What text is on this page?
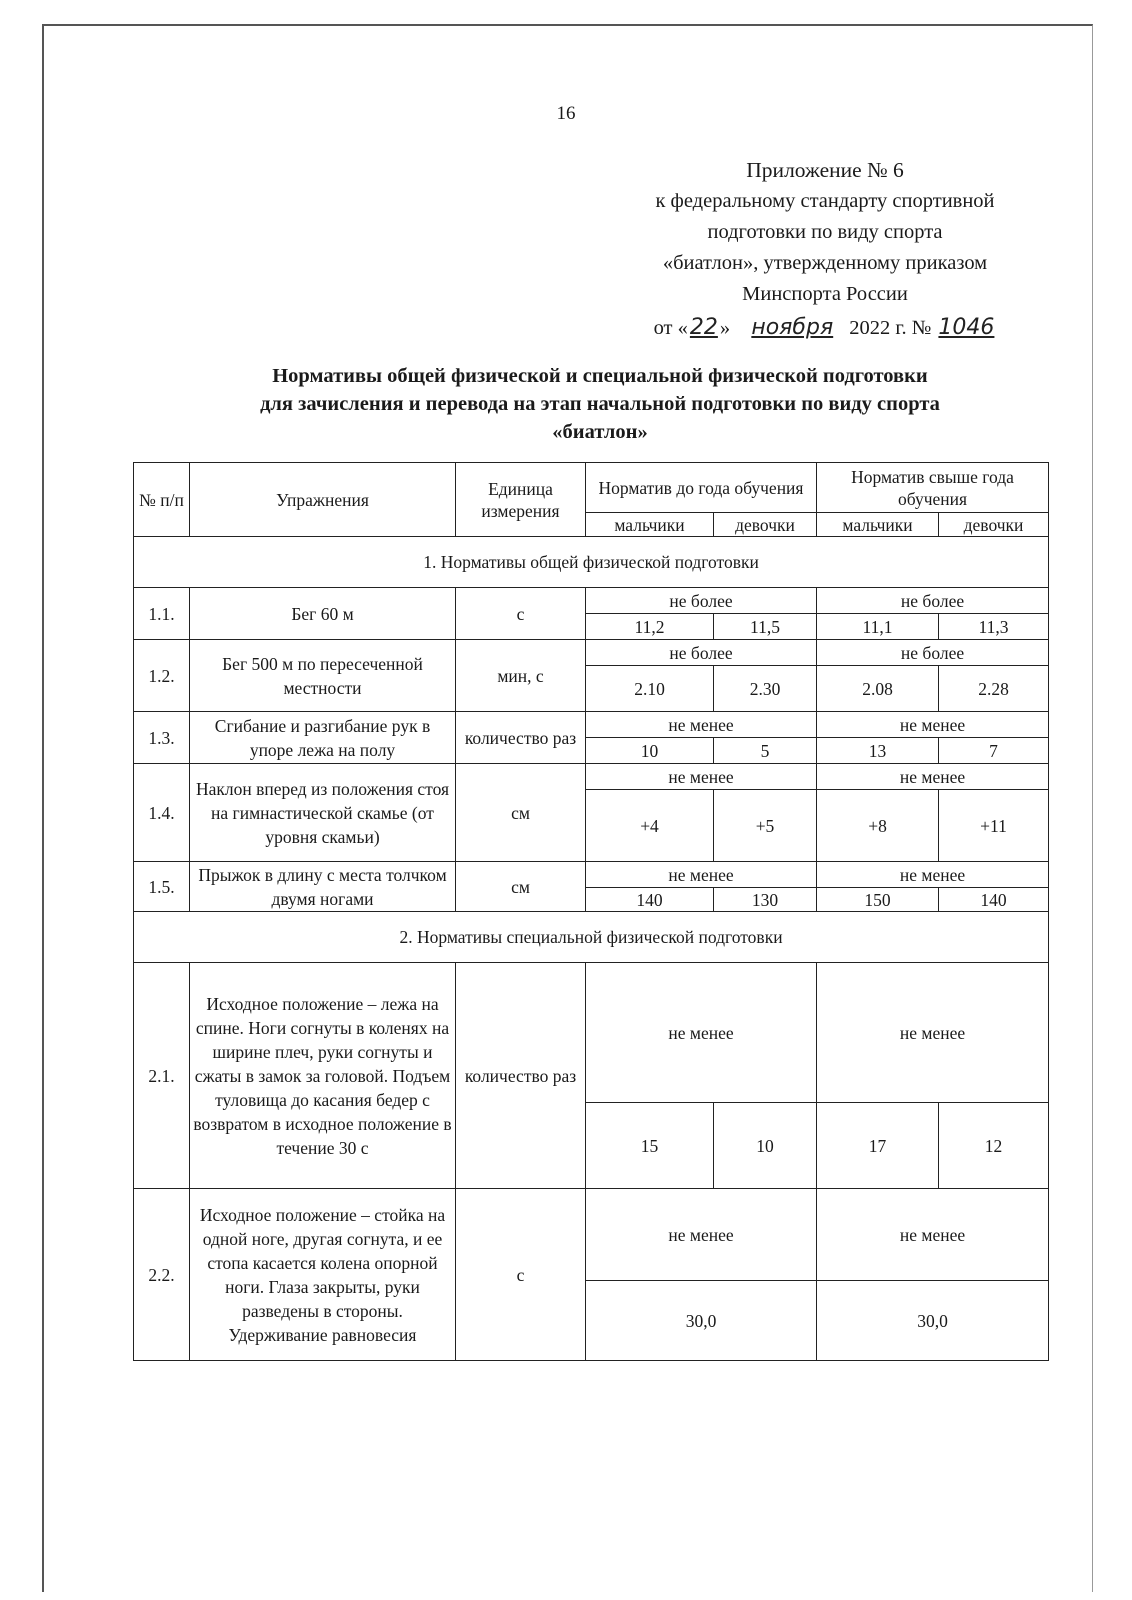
16
Приложение № 6
к федеральному стандарту спортивной
подготовки по виду спорта
«биатлон», утвержденному приказом
Минспорта России
от «22» ноября 2022 г. № 1046
Нормативы общей физической и специальной физической подготовки
для зачисления и перевода на этап начальной подготовки по виду спорта
«биатлон»
№ п/п	Упражнения	Единица измерения	Норматив до года обучения		Норматив свыше года обучения	
			мальчики	девочки	мальчики	девочки
1. Нормативы общей физической подготовки						
1.1.	Бег 60 м	с	не более		не более	
			11,2	11,5	11,1	11,3
1.2.	Бег 500 м по пересеченной местности	мин, с	не более		не более	
			2.10	2.30	2.08	2.28
1.3.	Сгибание и разгибание рук в упоре лежа на полу	количество раз	не менее		не менее	
			10	5	13	7
1.4.	Наклон вперед из положения стоя на гимнастической скамье (от уровня скамьи)	см	не менее		не менее	
			+4	+5	+8	+11
1.5.	Прыжок в длину с места толчком двумя ногами	см	не менее		не менее	
			140	130	150	140
2. Нормативы специальной физической подготовки						
2.1.	Исходное положение – лежа на спине. Ноги согнуты в коленях на ширине плеч, руки согнуты и сжаты в замок за головой. Подъем туловища до касания бедер с возвратом в исходное положение в течение 30 с	количество раз	не менее		не менее	
			15	10	17	12
2.2.	Исходное положение – стойка на одной ноге, другая согнута, и ее стопа касается колена опорной ноги. Глаза закрыты, руки разведены в стороны. Удерживание равновесия	с	не менее		не менее	
			30,0		30,0	
